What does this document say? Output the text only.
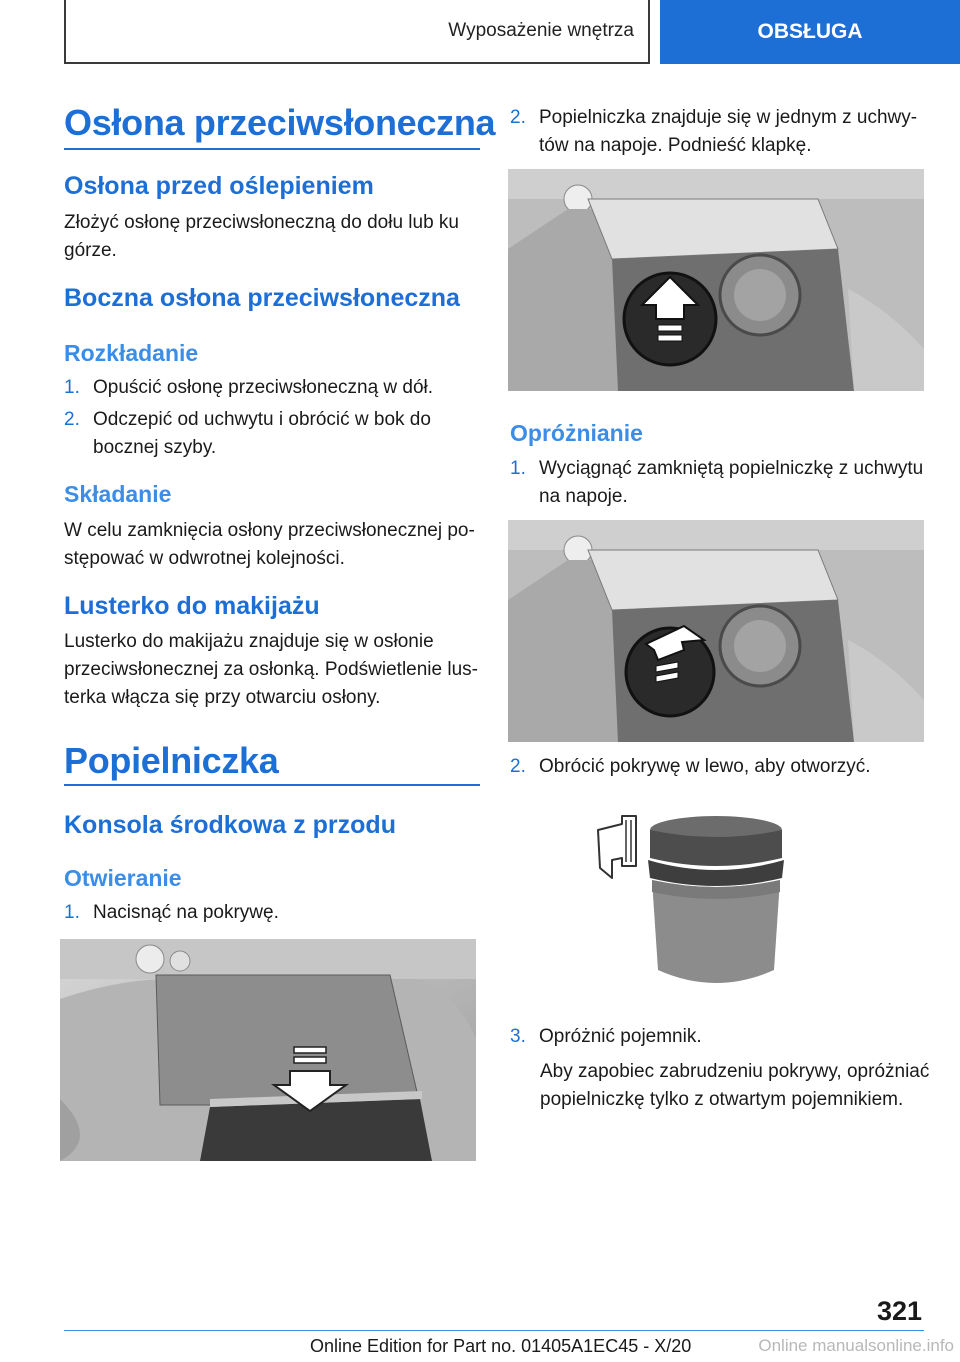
Wyposażenie wnętrza	OBSŁUGA
Osłona przeciwsłoneczna
Osłona przed oślepieniem
Złożyć osłonę przeciwsłoneczną do dołu lub ku górze.
Boczna osłona przeciwsłoneczna
Rozkładanie
1. Opuścić osłonę przeciwsłoneczną w dół.
2. Odczepić od uchwytu i obrócić w bok do bocznej szyby.
Składanie
W celu zamknięcia osłony przeciwsłonecznej postępować w odwrotnej kolejności.
Lusterko do makijażu
Lusterko do makijażu znajduje się w osłonie przeciwsłonecznej za osłonką. Podświetlenie lusterka włącza się przy otwarciu osłony.
Popielniczka
Konsola środkowa z przodu
Otwieranie
1. Nacisnąć na pokrywę.
2. Popielniczka znajduje się w jednym z uchwytów na napoje. Podnieść klapkę.
Opróżnianie
1. Wyciągnąć zamkniętą popielniczkę z uchwytu na napoje.
2. Obrócić pokrywę w lewo, aby otworzyć.
3. Opróżnić pojemnik.
Aby zapobiec zabrudzeniu pokrywy, opróżniać popielniczkę tylko z otwartym pojemnikiem.
321
Online Edition for Part no. 01405A1EC45 - X/20	Online manualsonline.info
